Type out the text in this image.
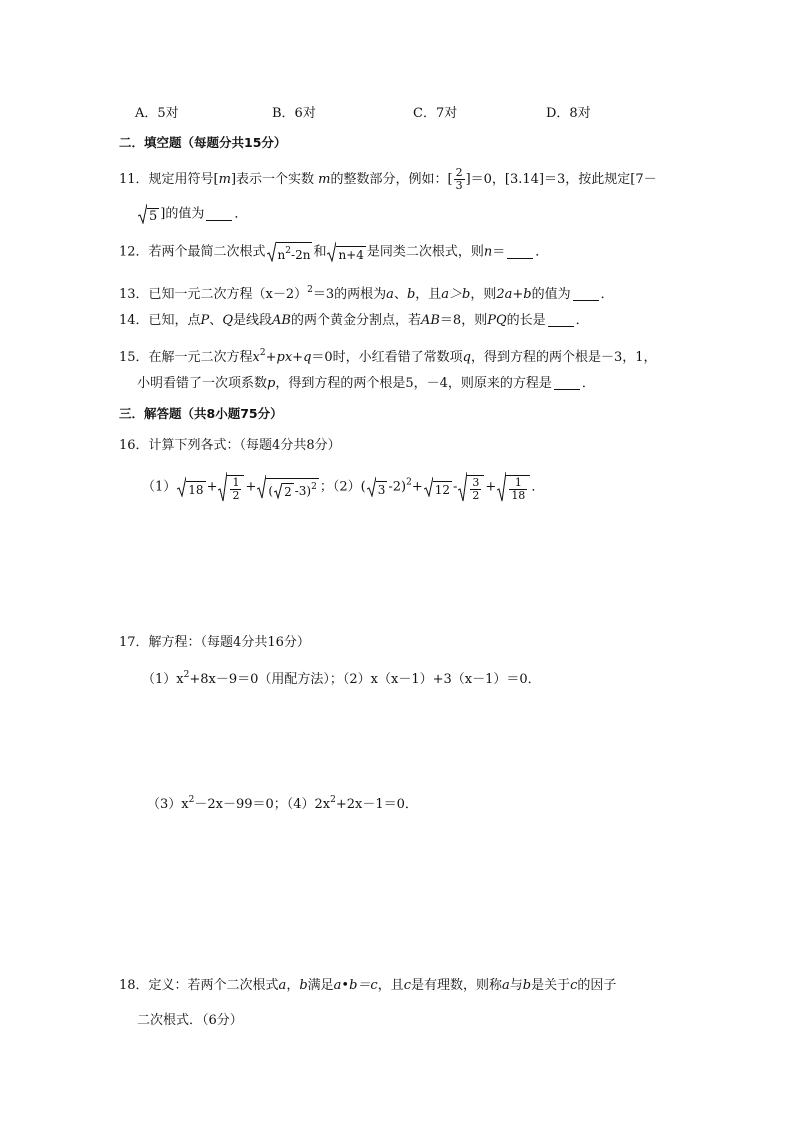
A．5对	B．6对	C．7对	D．8对
二．填空题（每题分共15分）
11．规定用符号[m]表示一个实数 m的整数部分，例如：[ $\frac{2}{3} ]=0$，[3.14]＝3，按此规定[7－
5 ]的值为 ．
12．若两个最简二次根式 $n^2-2n$ 和 n+4 是同类二次根式，则n＝ ．
13．已知一元二次方程$(x-2)^2=3$的两根为a、b，且a＞b，则2a+b的值为 ．
14．已知，点P、Q是线段AB的两个黄金分割点，若AB＝8，则PQ的长是 ．
15．在解一元二次方程$x^2+px+q=0$时，小红看错了常数项q，得到方程的两个根是－3，1，
小明看错了一次项系数p，得到方程的两个根是5，－4，则原来的方程是 ．
三．解答题（共8小题75分）
16．计算下列各式：（每题4分共8分）
（1） $18 + \frac{1}{2}$ + ( 2 -3)$^2$ ；（2）( 3 $-2)^2+ 12 - \frac{3}{2} + \frac{1}{18}$ ．
17．解方程：（每题4分共16分）
$(1)x^2+8x-9=0$（用配方法）；（2）x（x－1）+3（x－1）＝0．
$(3)x^2-2x-99=0$；$(4)2x^2+2x-1=0$．
18．定义：若两个二次根式a，b满足a•b＝c，且c是有理数，则称a与b是关于c的因子
二次根式．（6分）
